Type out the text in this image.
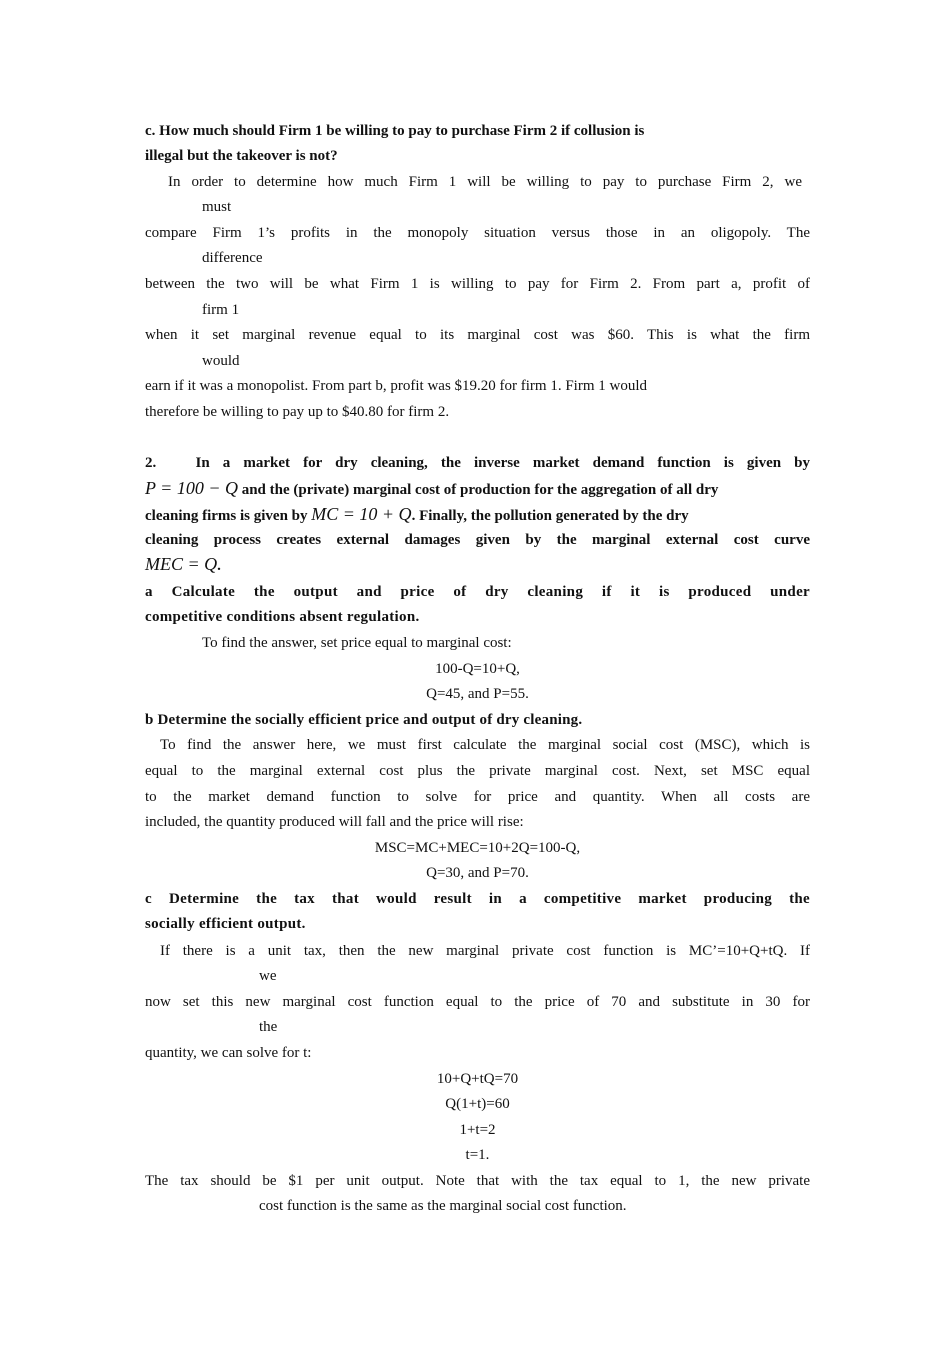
c. How much should Firm 1 be willing to pay to purchase Firm 2 if collusion is
illegal but the takeover is not?
In order to determine how much Firm 1 will be willing to pay to purchase Firm 2, we
must
compare Firm 1’s profits in the monopoly situation versus those in an oligopoly. The
difference
between the two will be what Firm 1 is willing to pay for Firm 2. From part a, profit of
firm 1
when it set marginal revenue equal to its marginal cost was $60. This is what the firm
would
earn if it was a monopolist. From part b, profit was $19.20 for firm 1. Firm 1 would
therefore be willing to pay up to $40.80 for firm 2.
2.	In a market for dry cleaning, the inverse market demand function is given by
P = 100 − Q and the (private) marginal cost of production for the aggregation of all dry
cleaning firms is given by MC = 10 + Q. Finally, the pollution generated by the dry
cleaning process creates external damages given by the marginal external cost curve
MEC = Q.
a Calculate the output and price of dry cleaning if it is produced under
competitive conditions absent regulation.
To find the answer, set price equal to marginal cost:
100-Q=10+Q,
Q=45, and P=55.
b Determine the socially efficient price and output of dry cleaning.
To find the answer here, we must first calculate the marginal social cost (MSC), which is
equal to the marginal external cost plus the private marginal cost. Next, set MSC equal
to the market demand function to solve for price and quantity. When all costs are
included, the quantity produced will fall and the price will rise:
MSC=MC+MEC=10+2Q=100-Q,
Q=30, and P=70.
c Determine the tax that would result in a competitive market producing the
socially efficient output.
If there is a unit tax, then the new marginal private cost function is MC’=10+Q+tQ. If
we
now set this new marginal cost function equal to the price of 70 and substitute in 30 for
the
quantity, we can solve for t:
10+Q+tQ=70
Q(1+t)=60
1+t=2
t=1.
The tax should be $1 per unit output. Note that with the tax equal to 1, the new private
cost function is the same as the marginal social cost function.
